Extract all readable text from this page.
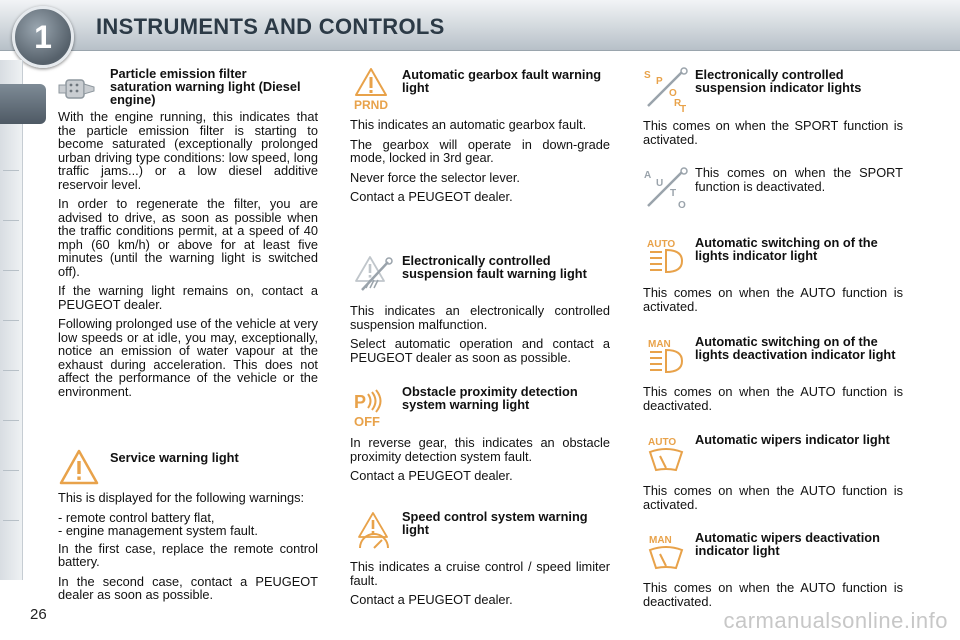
1	INSTRUMENTS AND CONTROLS
Particle emission filter saturation warning light (Diesel engine)

With the engine running, this indicates that the particle emission filter is starting to become saturated (exceptionally prolonged urban driving type conditions: low speed, long traffic jams...) or a low diesel additive reservoir level.

In order to regenerate the filter, you are advised to drive, as soon as possible when the traffic conditions permit, at a speed of 40 mph (60 km/h) or above for at least five minutes (until the warning light is switched off).

If the warning light remains on, contact a PEUGEOT dealer.

Following prolonged use of the vehicle at very low speeds or at idle, you may, exceptionally, notice an emission of water vapour at the exhaust during acceleration. This does not affect the performance of the vehicle or the environment.

Service warning light

This is displayed for the following warnings:

- remote control battery flat,
- engine management system fault.

In the first case, replace the remote control battery.

In the second case, contact a PEUGEOT dealer as soon as possible.

PRND
Automatic gearbox fault warning light

This indicates an automatic gearbox fault.

The gearbox will operate in down-grade mode, locked in 3rd gear.

Never force the selector lever.

Contact a PEUGEOT dealer.

Electronically controlled suspension fault warning light

This indicates an electronically controlled suspension malfunction.

Select automatic operation and contact a PEUGEOT dealer as soon as possible.

P
OFF
Obstacle proximity detection system warning light

In reverse gear, this indicates an obstacle proximity detection system fault.

Contact a PEUGEOT dealer.

Speed control system warning light

This indicates a cruise control / speed limiter fault.

Contact a PEUGEOT dealer.

S
P
O
R
T
Electronically controlled suspension indicator lights

This comes on when the SPORT function is activated.

A
U
T
O

This comes on when the SPORT function is deactivated.

AUTO Automatic switching on of the lights indicator light

This comes on when the AUTO function is activated.

MAN Automatic switching on of the lights deactivation indicator light

This comes on when the AUTO function is deactivated.

AUTO Automatic wipers indicator light

This comes on when the AUTO function is activated.

MAN Automatic wipers deactivation indicator light

This comes on when the AUTO function is deactivated.

26	carmanualsonline.info
